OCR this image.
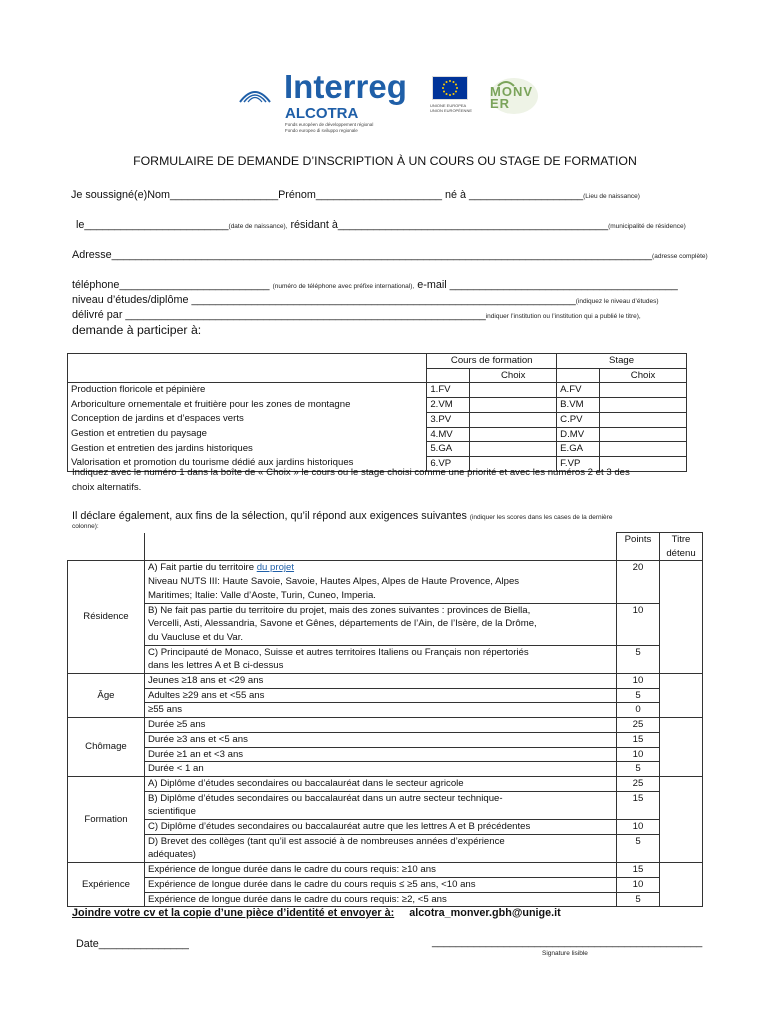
Interreg
ALCOTRA
Fonds européen de développement régional
Fondo europeo di sviluppo regionale
UNIONE EUROPEA
UNION EUROPÉENNE
MONVER
FORMULAIRE DE DEMANDE D’INSCRIPTION À UN COURS OU STAGE DE FORMATION
Je soussigné(e)Nom__________________Prénom_____________________ né à ___________________(Lieu de naissance)
le________________________(date de naissance), résidant à_____________________________________________(municipalité de résidence)
Adresse__________________________________________________________________________________________(adresse complète)
téléphone_________________________ (numéro de téléphone avec préfixe international), e-mail ______________________________________
niveau d’études/diplôme ________________________________________________________________(indiquez le niveau d’études)
délivré par ____________________________________________________________indiquer l’institution ou l’institution qui a publié le titre),
demande à participer à:
	Cours de formation		Stage	
		Choix		Choix
Production floricole et pépinière	1.FV		A.FV	
Arboriculture ornementale et fruitière pour les zones de montagne	2.VM		B.VM	
Conception de jardins et d’espaces verts	3.PV		C.PV	
Gestion et entretien du paysage	4.MV		D.MV	
Gestion et entretien des jardins historiques	5.GA		E.GA	
Valorisation et promotion du tourisme dédié aux jardins historiques	6.VP		F.VP	
Indiquez avec le numéro 1 dans la boîte de « Choix » le cours ou le stage choisi comme une priorité et avec les numéros 2 et 3 des
choix alternatifs.
Il déclare également, aux fins de la sélection, qu’il répond aux exigences suivantes (indiquer les scores dans les cases de la dernière
colonne):
		Points	Titre
détenu

Résidence	A) Fait partie du territoire du projet
Niveau NUTS III: Haute Savoie, Savoie, Hautes Alpes, Alpes de Haute Provence, Alpes
Maritimes; Italie: Valle d’Aoste, Turin, Cuneo, Imperia.	20	

	B) Ne fait pas partie du territoire du projet, mais des zones suivantes : provinces de Biella,
Vercelli, Asti, Alessandria, Savone et Gênes, départements de l’Ain, de l’Isère, de la Drôme,
du Vaucluse et du Var.	10	

	C) Principauté de Monaco, Suisse et autres territoires Italiens ou Français non répertoriés
dans les lettres A et B ci-dessus	5	
Âge	Jeunes ≥18 ans et <29 ans	10	
	Adultes ≥29 ans et <55 ans	5	
	≥55 ans	0	
Chômage	Durée ≥5 ans	25	
	Durée ≥3 ans et <5 ans	15	
	Durée ≥1 an et <3 ans	10	
	Durée < 1 an	5	
Formation	A) Diplôme d’études secondaires ou baccalauréat dans le secteur agricole	25	

	B) Diplôme d’études secondaires ou baccalauréat dans un autre secteur technique-
scientifique	15	
	C) Diplôme d’études secondaires ou baccalauréat autre que les lettres A et B précédentes	10	

	D) Brevet des collèges (tant qu’il est associé à de nombreuses années d’expérience
adéquates)	5	
Expérience	Expérience de longue durée dans le cadre du cours requis: ≥10 ans	15	
	Expérience de longue durée dans le cadre du cours requis ≤ ≥5 ans, <10 ans	10	
	Expérience de longue durée dans le cadre du cours requis: ≥2, <5 ans	5	
Joindre votre cv et la copie d’une pièce d’identité et envoyer à: alcotra_monver.gbh@unige.it
Date_______________	_____________________________________________
Signature lisible
